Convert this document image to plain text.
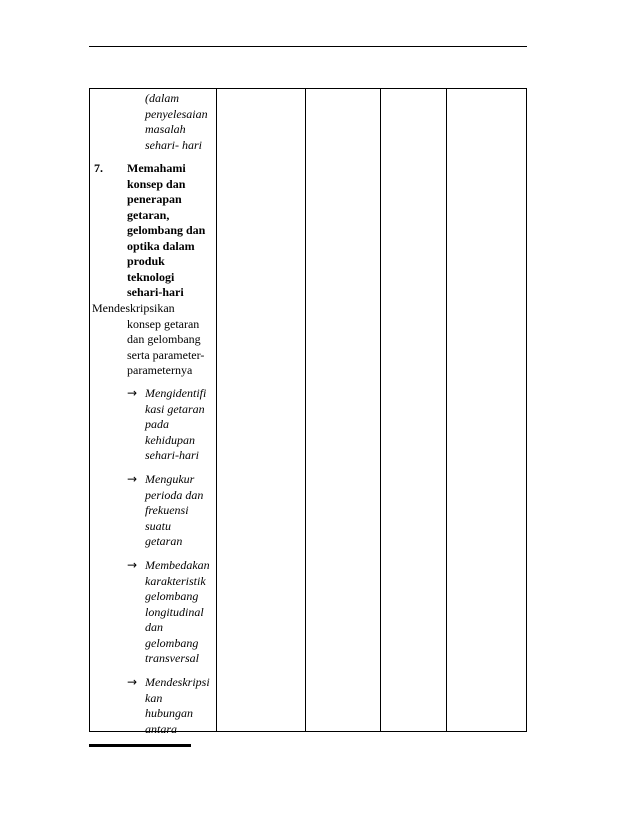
(dalam
penyelesaian
masalah
sehari- hari
7. Memahami
konsep dan
penerapan
getaran,
gelombang dan
optika dalam
produk
teknologi
sehari-hari
Mendeskripsikan
konsep getaran
dan gelombang
serta parameter-
parameternya
→ Mengidentifi
kasi getaran
pada
kehidupan
sehari-hari
→ Mengukur
perioda dan
frekuensi
suatu
getaran
→ Membedakan
karakteristik
gelombang
longitudinal
dan
gelombang
transversal
→ Mendeskripsi
kan
hubungan
antara
